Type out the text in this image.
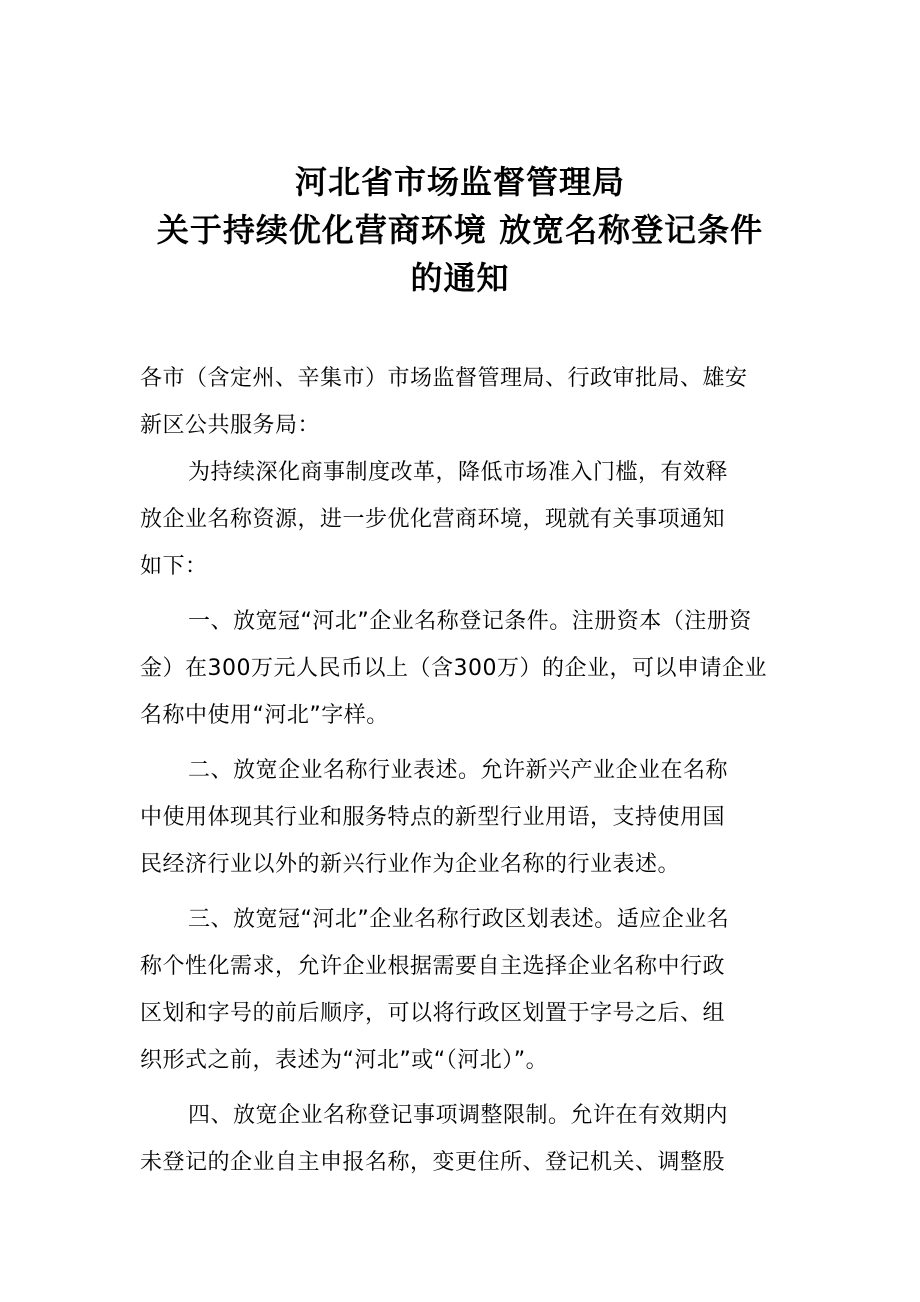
河北省市场监督管理局
关于持续优化营商环境 放宽名称登记条件
的通知
各市（含定州、辛集市）市场监督管理局、行政审批局、雄安
新区公共服务局：
为持续深化商事制度改革，降低市场准入门槛，有效释
放企业名称资源，进一步优化营商环境，现就有关事项通知
如下：
一、放宽冠“河北”企业名称登记条件。注册资本（注册资
金）在300万元人民币以上（含300万）的企业，可以申请企业
名称中使用“河北”字样。
二、放宽企业名称行业表述。允许新兴产业企业在名称
中使用体现其行业和服务特点的新型行业用语，支持使用国
民经济行业以外的新兴行业作为企业名称的行业表述。
三、放宽冠“河北”企业名称行政区划表述。适应企业名
称个性化需求，允许企业根据需要自主选择企业名称中行政
区划和字号的前后顺序，可以将行政区划置于字号之后、组
织形式之前，表述为“河北”或“（河北）”。
四、放宽企业名称登记事项调整限制。允许在有效期内
未登记的企业自主申报名称，变更住所、登记机关、调整股
